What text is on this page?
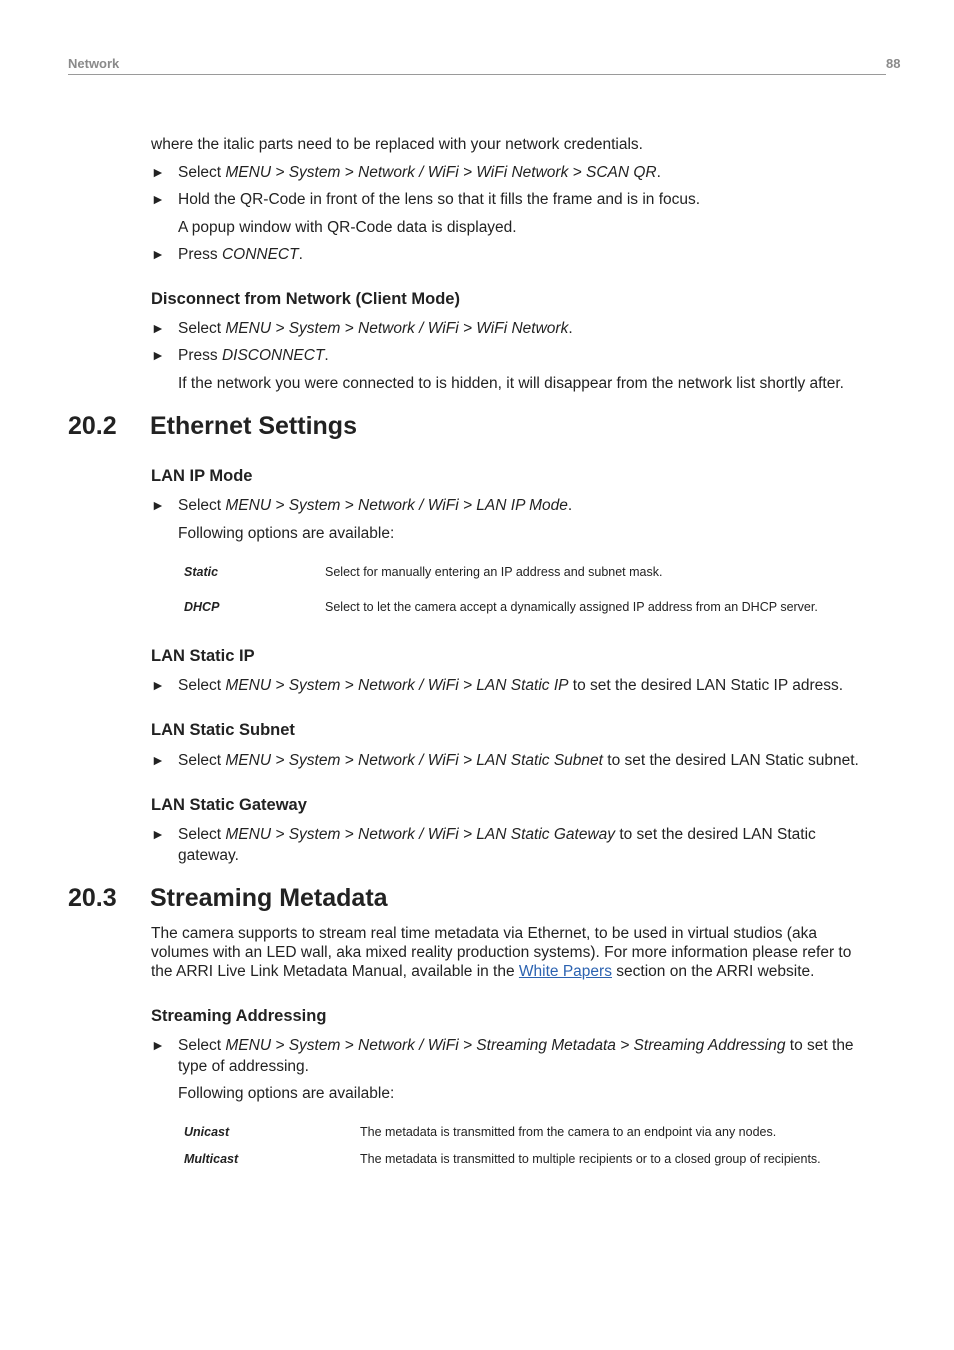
Network	88
where the italic parts need to be replaced with your network credentials.
► Select MENU > System > Network / WiFi > WiFi Network > SCAN QR.
► Hold the QR-Code in front of the lens so that it fills the frame and is in focus.
A popup window with QR-Code data is displayed.
► Press CONNECT.
Disconnect from Network (Client Mode)
► Select MENU > System > Network / WiFi > WiFi Network.
► Press DISCONNECT.
If the network you were connected to is hidden, it will disappear from the network list shortly after.
20.2 Ethernet Settings
LAN IP Mode
► Select MENU > System > Network / WiFi > LAN IP Mode.
Following options are available:
Static	Select for manually entering an IP address and subnet mask.
DHCP	Select to let the camera accept a dynamically assigned IP address from an DHCP server.
LAN Static IP
► Select MENU > System > Network / WiFi > LAN Static IP to set the desired LAN Static IP adress.
LAN Static Subnet
► Select MENU > System > Network / WiFi > LAN Static Subnet to set the desired LAN Static subnet.
LAN Static Gateway
► Select MENU > System > Network / WiFi > LAN Static Gateway to set the desired LAN Static
gateway.
20.3 Streaming Metadata
The camera supports to stream real time metadata via Ethernet, to be used in virtual studios (aka
volumes with an LED wall, aka mixed reality production systems). For more information please refer to
the ARRI Live Link Metadata Manual, available in the White Papers section on the ARRI website.
Streaming Addressing
► Select MENU > System > Network / WiFi > Streaming Metadata > Streaming Addressing to set the
type of addressing.
Following options are available:
Unicast	The metadata is transmitted from the camera to an endpoint via any nodes.
Multicast	The metadata is transmitted to multiple recipients or to a closed group of recipients.
